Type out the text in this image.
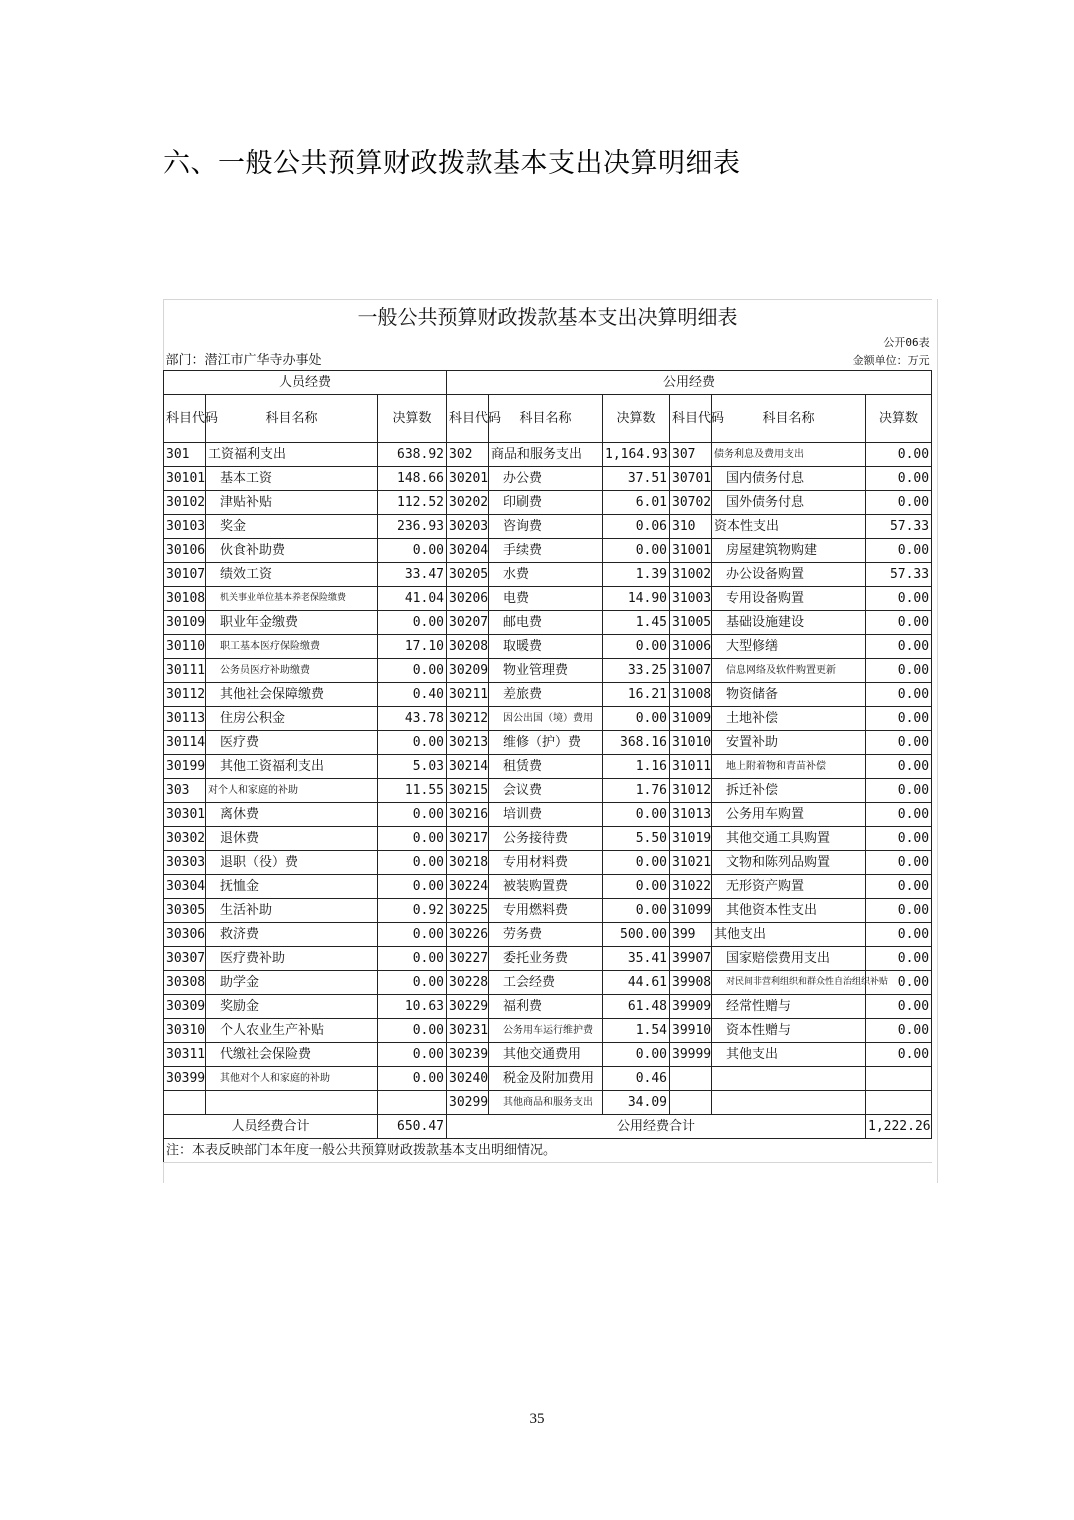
六、一般公共预算财政拨款基本支出决算明细表
一般公共预算财政拨款基本支出决算明细表								
公开06表								
部门：潜江市广华寺办事处					金额单位：万元			
人员经费			公用经费					
科目代码	科目名称	决算数	科目代码	科目名称	决算数	科目代码	科目名称	决算数
301	工资福利支出	638.92	302	商品和服务支出	1,164.93	307	债务利息及费用支出	0.00
30101	基本工资	148.66	30201	办公费	37.51	30701	国内债务付息	0.00
30102	津贴补贴	112.52	30202	印刷费	6.01	30702	国外债务付息	0.00
30103	奖金	236.93	30203	咨询费	0.06	310	资本性支出	57.33
30106	伙食补助费	0.00	30204	手续费	0.00	31001	房屋建筑物购建	0.00
30107	绩效工资	33.47	30205	水费	1.39	31002	办公设备购置	57.33
30108	机关事业单位基本养老保险缴费	41.04	30206	电费	14.90	31003	专用设备购置	0.00
30109	职业年金缴费	0.00	30207	邮电费	1.45	31005	基础设施建设	0.00
30110	职工基本医疗保险缴费	17.10	30208	取暖费	0.00	31006	大型修缮	0.00
30111	公务员医疗补助缴费	0.00	30209	物业管理费	33.25	31007	信息网络及软件购置更新	0.00
30112	其他社会保障缴费	0.40	30211	差旅费	16.21	31008	物资储备	0.00
30113	住房公积金	43.78	30212	因公出国（境）费用	0.00	31009	土地补偿	0.00
30114	医疗费	0.00	30213	维修（护）费	368.16	31010	安置补助	0.00
30199	其他工资福利支出	5.03	30214	租赁费	1.16	31011	地上附着物和青苗补偿	0.00
303	对个人和家庭的补助	11.55	30215	会议费	1.76	31012	拆迁补偿	0.00
30301	离休费	0.00	30216	培训费	0.00	31013	公务用车购置	0.00
30302	退休费	0.00	30217	公务接待费	5.50	31019	其他交通工具购置	0.00
30303	退职（役）费	0.00	30218	专用材料费	0.00	31021	文物和陈列品购置	0.00
30304	抚恤金	0.00	30224	被装购置费	0.00	31022	无形资产购置	0.00
30305	生活补助	0.92	30225	专用燃料费	0.00	31099	其他资本性支出	0.00
30306	救济费	0.00	30226	劳务费	500.00	399	其他支出	0.00
30307	医疗费补助	0.00	30227	委托业务费	35.41	39907	国家赔偿费用支出	0.00
30308	助学金	0.00	30228	工会经费	44.61	39908	对民间非营利组织和群众性自治组织补贴	0.00
30309	奖励金	10.63	30229	福利费	61.48	39909	经常性赠与	0.00
30310	个人农业生产补贴	0.00	30231	公务用车运行维护费	1.54	39910	资本性赠与	0.00
30311	代缴社会保险费	0.00	30239	其他交通费用	0.00	39999	其他支出	0.00
30399	其他对个人和家庭的补助	0.00	30240	税金及附加费用	0.46			
			30299	其他商品和服务支出	34.09			
人员经费合计		650.47	公用经费合计					1,222.26
注：本表反映部门本年度一般公共预算财政拨款基本支出明细情况。								
35
